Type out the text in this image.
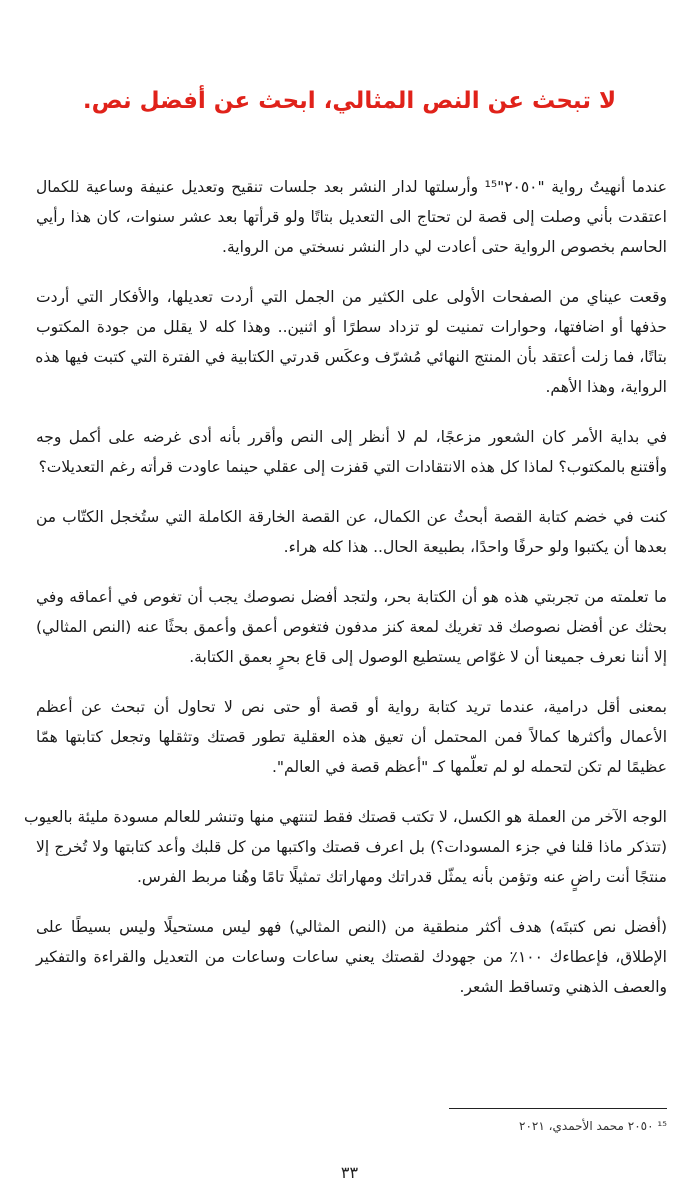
لا تبحث عن النص المثالي، ابحث عن أفضل نص.
عندما أنهيتُ رواية "٢٠٥٠"¹⁵ وأرسلتها لدار النشر بعد جلسات تنقيح وتعديل عنيفة وساعية للكمال
اعتقدت بأني وصلت إلى قصة لن تحتاج الى التعديل بتاتًا ولو قرأتها بعد عشر سنوات، كان هذا رأيي
الحاسم بخصوص الرواية حتى أعادت لي دار النشر نسختي من الرواية.
وقعت عيناي من الصفحات الأولى على الكثير من الجمل التي أردت تعديلها، والأفكار التي أردت
حذفها أو اضافتها، وحوارات تمنيت لو تزداد سطرًا أو اثنين.. وهذا كله لا يقلل من جودة المكتوب
بتاتًا، فما زلت أعتقد بأن المنتج النهائي مُشرّف وعكَس قدرتي الكتابية في الفترة التي كتبت فيها هذه
الرواية، وهذا الأهم.
في بداية الأمر كان الشعور مزعجًا، لم لا أنظر إلى النص وأقرر بأنه أدى غرضه على أكمل وجه
وأقتنع بالمكتوب؟ لماذا كل هذه الانتقادات التي قفزت إلى عقلي حينما عاودت قرأته رغم التعديلات؟
كنت في خضم كتابة القصة أبحثُ عن الكمال، عن القصة الخارقة الكاملة التي ستُخجل الكتّاب من
بعدها أن يكتبوا ولو حرفًا واحدًا، بطبيعة الحال.. هذا كله هراء.
ما تعلمته من تجربتي هذه هو أن الكتابة بحر، ولتجد أفضل نصوصك يجب أن تغوص في أعماقه وفي
بحثك عن أفضل نصوصك قد تغريك لمعة كنز مدفون فتغوص أعمق وأعمق بحثًا عنه (النص المثالي)
إلا أننا نعرف جميعنا أن لا غوّاص يستطيع الوصول إلى قاع بحرٍ بعمق الكتابة.
بمعنى أقل درامية، عندما تريد كتابة رواية أو قصة أو حتى نص لا تحاول أن تبحث عن أعظم
الأعمال وأكثرها كمالاً فمن المحتمل أن تعيق هذه العقلية تطور قصتك وتثقلها وتجعل كتابتها همّا
عظيمًا لم تكن لتحمله لو لم تعلّمها كـ "أعظم قصة في العالم".
الوجه الآخر من العملة هو الكسل، لا تكتب قصتك فقط لتنتهي منها وتنشر للعالم مسودة مليئة بالعيوب
(تتذكر ماذا قلنا في جزء المسودات؟) بل اعرف قصتك واكتبها من كل قلبك وأعد كتابتها ولا تُخرج إلا
منتجًا أنت راضٍ عنه وتؤمن بأنه يمثّل قدراتك ومهاراتك تمثيلًا تامًا وهُنا مربط الفرس.
(أفضل نص كتبتَه) هدف أكثر منطقية من (النص المثالي) فهو ليس مستحيلًا وليس بسيطًا على
الإطلاق، فإعطاءك ١٠٠٪ من جهودك لقصتك يعني ساعات وساعات من التعديل والقراءة والتفكير
والعصف الذهني وتساقط الشعر.
¹⁵ ٢٠٥٠ محمد الأحمدي، ٢٠٢١
٣٣
